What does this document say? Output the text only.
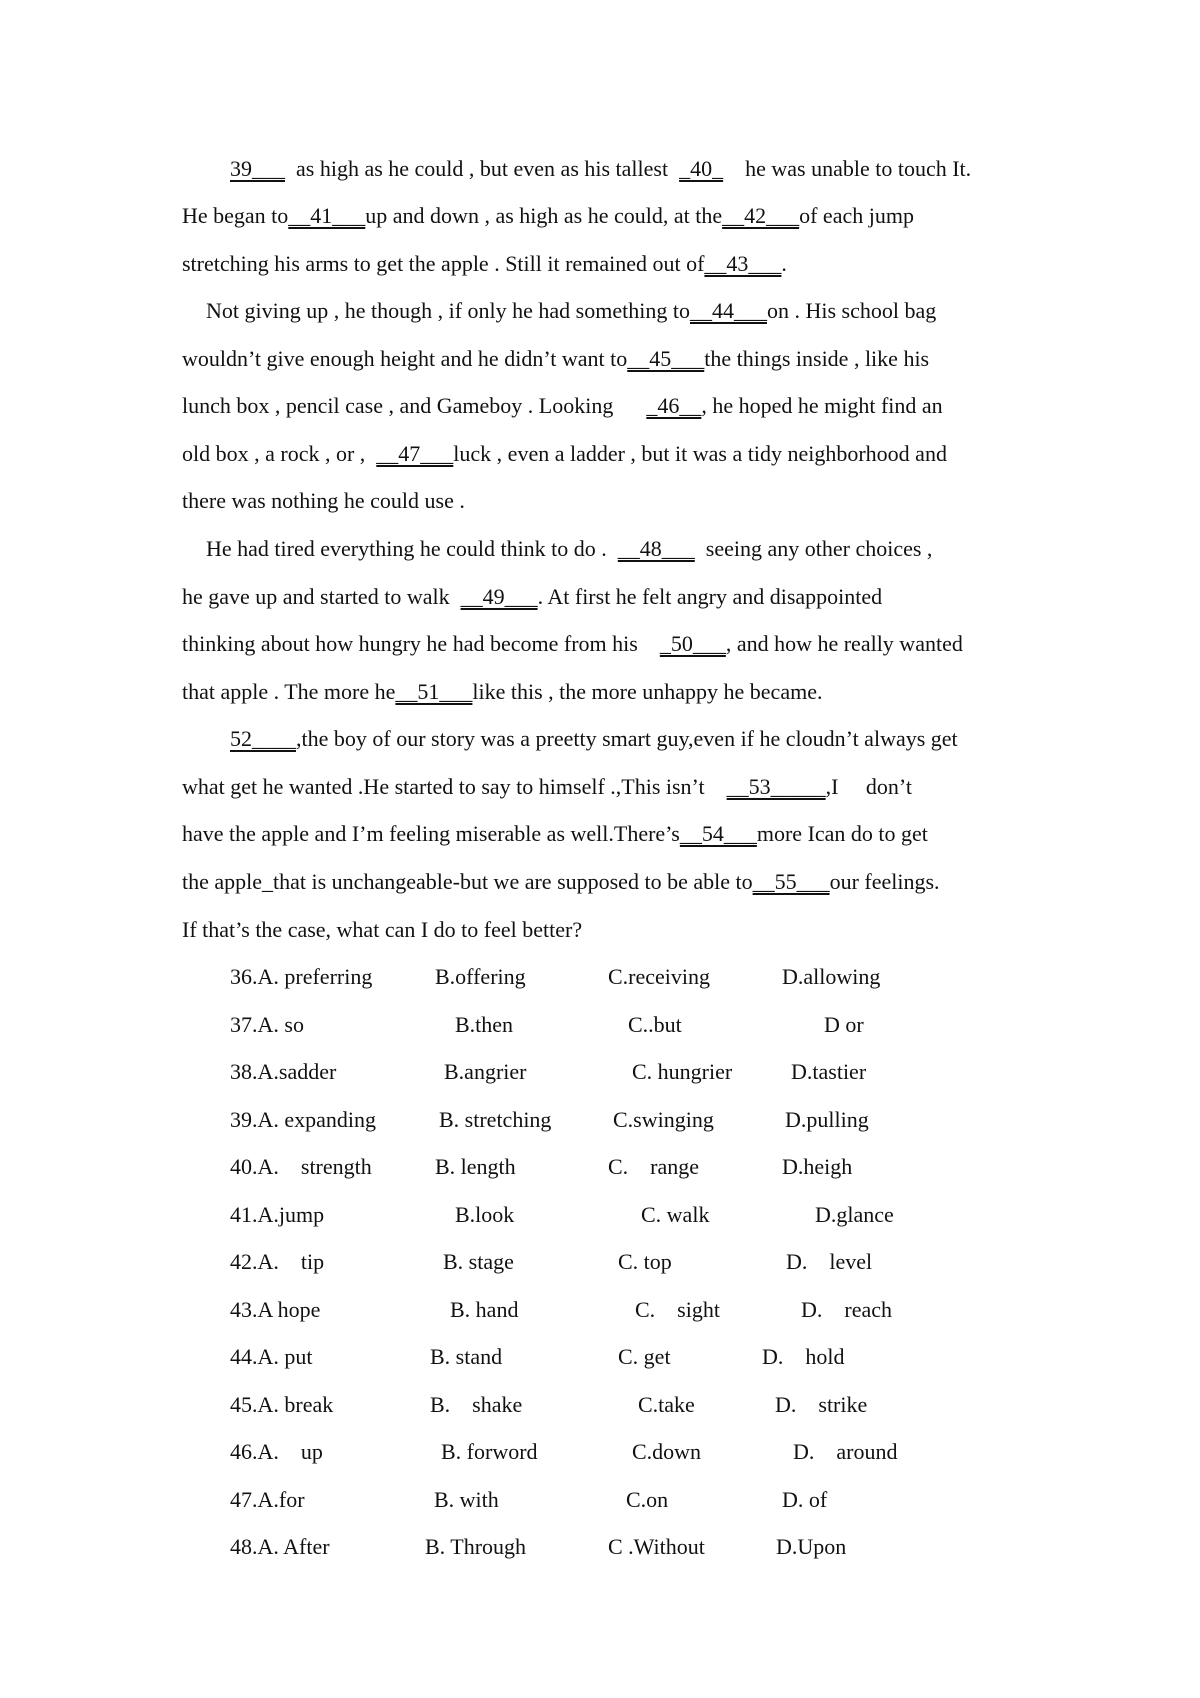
39___  as high as he could , but even as his tallest  _40_    he was unable to touch It.
He began to__41___up and down , as high as he could, at the__42___of each jump
stretching his arms to get the apple . Still it remained out of__43___.
Not giving up , he though , if only he had something to__44___on . His school bag
wouldn’t give enough height and he didn’t want to__45___the things inside , like his
lunch box , pencil case , and Gameboy . Looking      _46__, he hoped he might find an
old box , a rock , or ,  __47___luck , even a ladder , but it was a tidy neighborhood and
there was nothing he could use .
He had tired everything he could think to do .  __48___  seeing any other choices ,
he gave up and started to walk  __49___. At first he felt angry and disappointed
thinking about how hungry he had become from his    _50___, and how he really wanted
that apple . The more he__51___like this , the more unhappy he became.
52____,the boy of our story was a preetty smart guy,even if he cloudn’t always get
what get he wanted .He started to say to himself .,This isn’t    __53_____,I     don’t
have the apple and I’m feeling miserable as well.There’s__54___more Ican do to get
the apple_that is unchangeable-but we are supposed to be able to__55___our feelings.
If that’s the case, what can I do to feel better?
36.A. preferring	B.offering	C.receiving	D.allowing
37.A. so	B.then	C..but	D or
38.A.sadder	B.angrier	C. hungrier	D.tastier
39.A. expanding	B. stretching	C.swinging	D.pulling
40.A.    strength	B. length	C.    range	D.heigh
41.A.jump	B.look	C. walk	D.glance
42.A.    tip	B. stage	C. top	D.    level
43.A hope	B. hand	C.    sight	D.    reach
44.A. put	B. stand	C. get	D.    hold
45.A. break	B.    shake	C.take	D.    strike
46.A.    up	B. forword	C.down	D.    around
47.A.for	B. with	C.on	D. of
48.A. After	B. Through	C .Without	D.Upon
